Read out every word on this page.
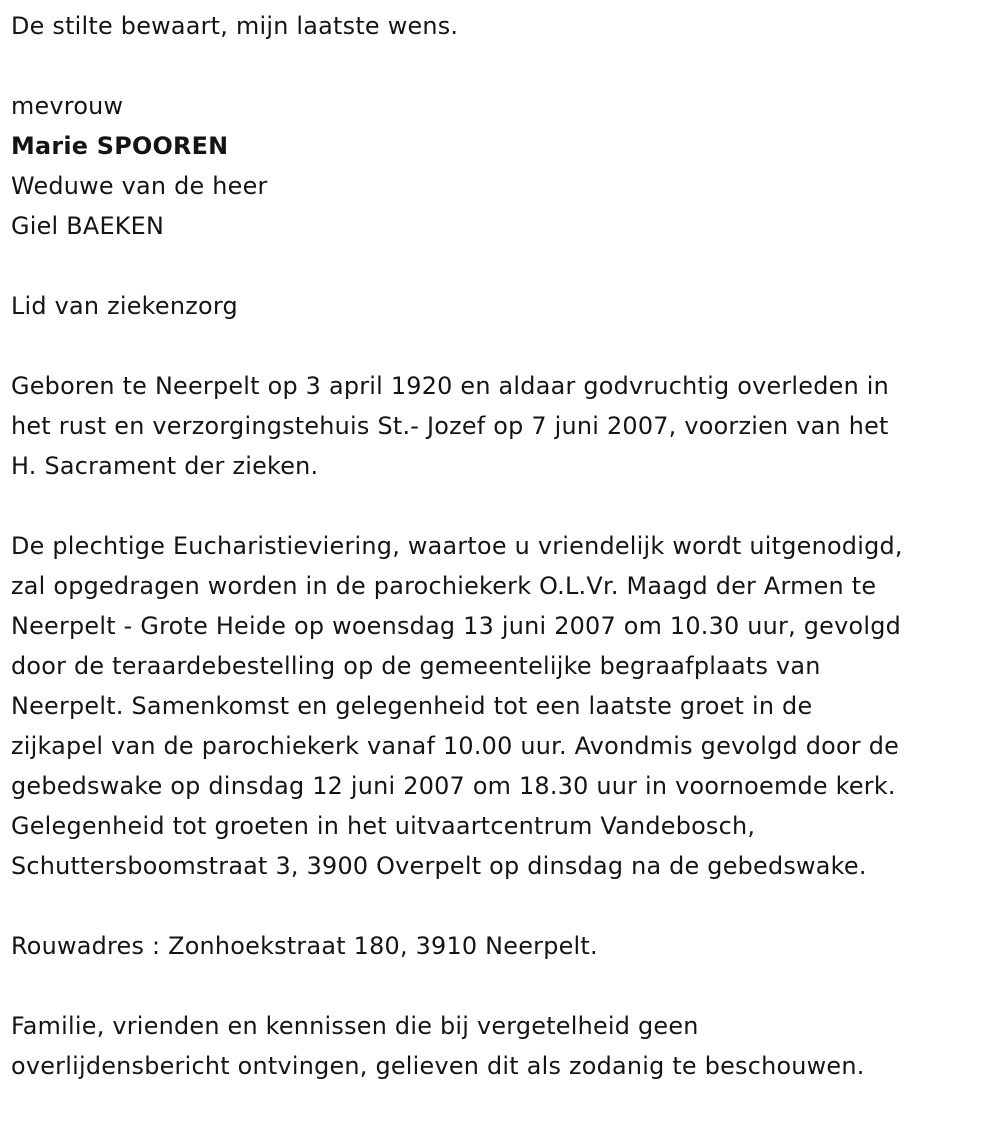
De stilte bewaart, mijn laatste wens.
mevrouw
Marie SPOOREN
Weduwe van de heer
Giel BAEKEN
Lid van ziekenzorg
Geboren te Neerpelt op 3 april 1920 en aldaar godvruchtig overleden in
het rust en verzorgingstehuis St.- Jozef op 7 juni 2007, voorzien van het
H. Sacrament der zieken.
De plechtige Eucharistieviering, waartoe u vriendelijk wordt uitgenodigd,
zal opgedragen worden in de parochiekerk O.L.Vr. Maagd der Armen te
Neerpelt - Grote Heide op woensdag 13 juni 2007 om 10.30 uur, gevolgd
door de teraardebestelling op de gemeentelijke begraafplaats van
Neerpelt. Samenkomst en gelegenheid tot een laatste groet in de
zijkapel van de parochiekerk vanaf 10.00 uur. Avondmis gevolgd door de
gebedswake op dinsdag 12 juni 2007 om 18.30 uur in voornoemde kerk.
Gelegenheid tot groeten in het uitvaartcentrum Vandebosch,
Schuttersboomstraat 3, 3900 Overpelt op dinsdag na de gebedswake.
Rouwadres : Zonhoekstraat 180, 3910 Neerpelt.
Familie, vrienden en kennissen die bij vergetelheid geen
overlijdensbericht ontvingen, gelieven dit als zodanig te beschouwen.
